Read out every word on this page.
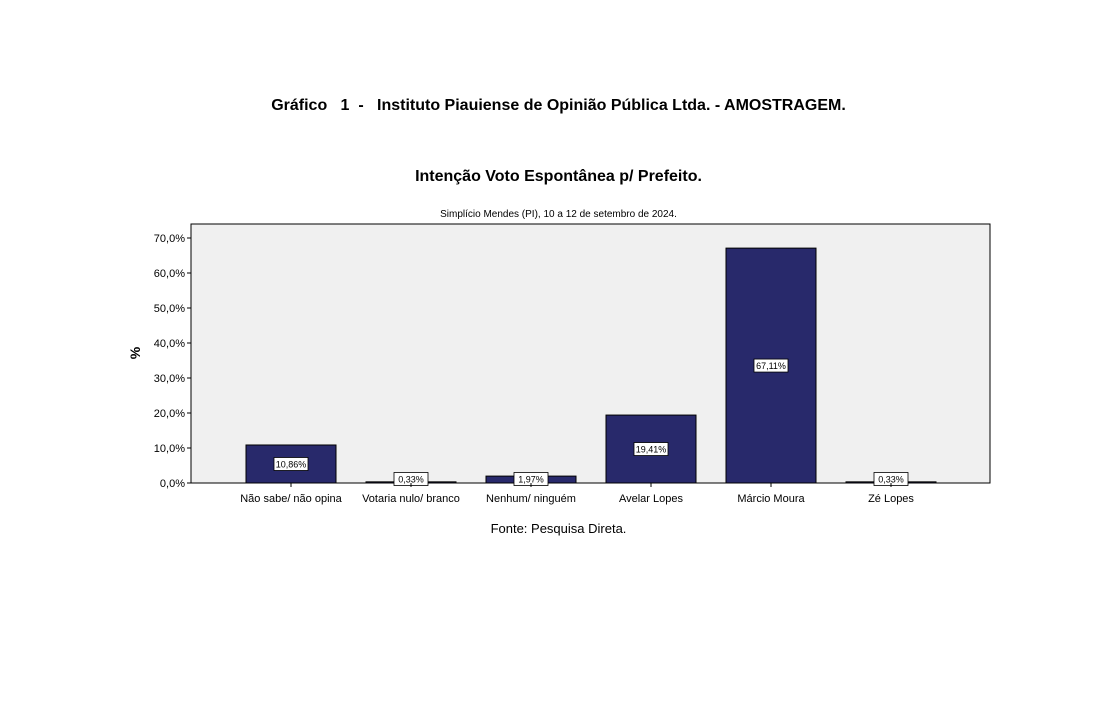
Gráfico   1  -   Instituto Piauiense de Opinião Pública Ltda. - AMOSTRAGEM.
Intenção Voto Espontânea p/ Prefeito.
Simplício Mendes (PI), 10 a 12 de setembro de 2024.
0,0%
10,0%
20,0%
30,0%
40,0%
50,0%
60,0%
70,0%
%
10,86%
Não sabe/ não opina
0,33%
Votaria nulo/ branco
1,97%
Nenhum/ ninguém
19,41%
Avelar Lopes
67,11%
Márcio Moura
0,33%
Zé Lopes
Fonte: Pesquisa Direta.
